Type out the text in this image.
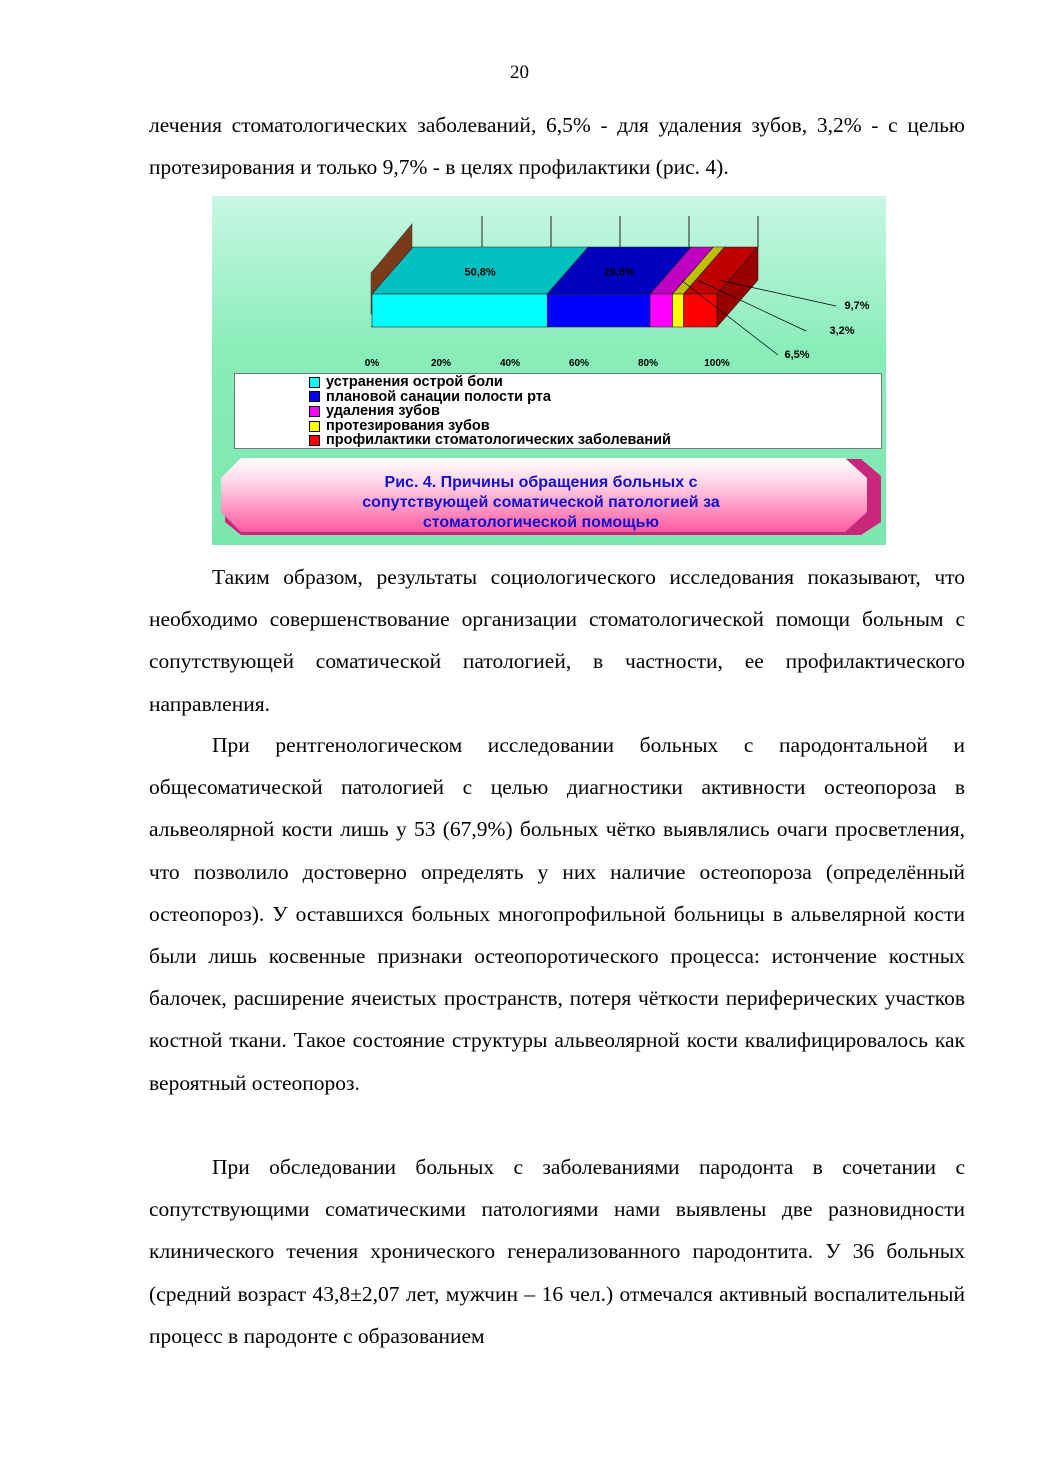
20

лечения стоматологических заболеваний, 6,5% - для удаления зубов, 3,2% - с целью протезирования и только 9,7% - в целях профилактики (рис. 4).

50,8%	29,8%
0%	20%	40%	60%	80%	100%
9,7%
3,2%
6,5%
устранения острой боли
плановой санации полости рта
удаления зубов
протезирования зубов
профилактики стоматологических заболеваний
Рис. 4. Причины обращения больных с
сопутствующей соматической патологией за
стоматологической помощью

Таким образом, результаты социологического исследования показывают, что необходимо совершенствование организации стоматологической помощи больным с сопутствующей соматической патологией, в частности, ее профилактического направления.

При рентгенологическом исследовании больных с пародонтальной и общесоматической патологией с целью диагностики активности остеопороза в альвеолярной кости лишь у 53 (67,9%) больных чётко выявлялись очаги просветления, что позволило достоверно определять у них наличие остеопороза (определённый остеопороз). У оставшихся больных многопрофильной больницы в альвелярной кости были лишь косвенные признаки остеопоротического процесса: истончение костных балочек, расширение ячеистых пространств, потеря чёткости периферических участков костной ткани. Такое состояние структуры альвеолярной кости квалифицировалось как вероятный остеопороз.

При обследовании больных с заболеваниями пародонта в сочетании с сопутствующими соматическими патологиями нами выявлены две разновидности клинического течения хронического генерализованного пародонтита. У 36 больных (средний возраст 43,8±2,07 лет, мужчин – 16 чел.) отмечался активный воспалительный процесс в пародонте с образованием
